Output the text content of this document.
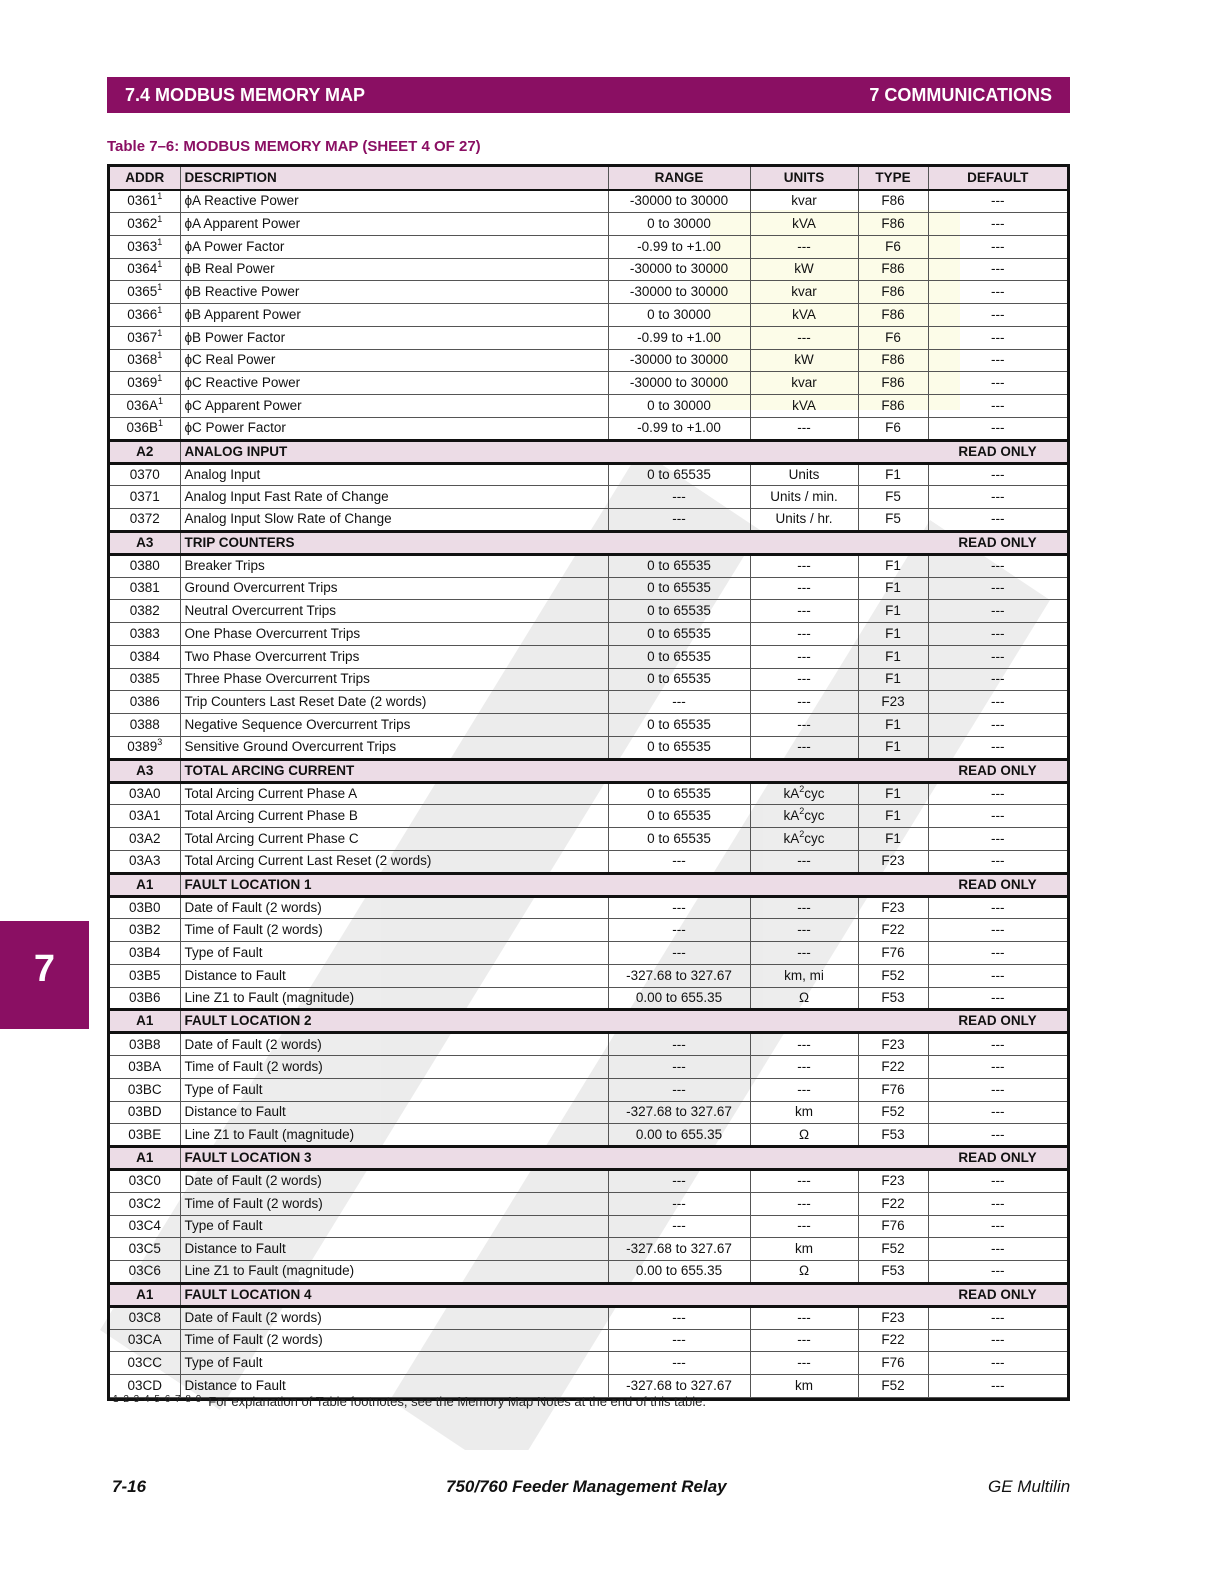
7.4 MODBUS MEMORY MAP	7 COMMUNICATIONS
Table 7–6: MODBUS MEMORY MAP (SHEET 4 OF 27)
ADDR	DESCRIPTION	RANGE	UNITS	TYPE	DEFAULT
0361$^1$	ϕA Reactive Power	-30000 to 30000	kvar	F86	---
0362$^1$	ϕA Apparent Power	0 to 30000	kVA	F86	---
0363$^1$	ϕA Power Factor	-0.99 to +1.00	---	F6	---
0364$^1$	ϕB Real Power	-30000 to 30000	kW	F86	---
0365$^1$	ϕB Reactive Power	-30000 to 30000	kvar	F86	---
0366$^1$	ϕB Apparent Power	0 to 30000	kVA	F86	---
0367$^1$	ϕB Power Factor	-0.99 to +1.00	---	F6	---
0368$^1$	ϕC Real Power	-30000 to 30000	kW	F86	---
0369$^1$	ϕC Reactive Power	-30000 to 30000	kvar	F86	---
$036A^1$	ϕC Apparent Power	0 to 30000	kVA	F86	---
$036B^1$	ϕC Power Factor	-0.99 to +1.00	---	F6	---
A2	ANALOG INPUT				READ ONLY
0370	Analog Input	0 to 65535	Units	F1	---
0371	Analog Input Fast Rate of Change	---	Units / min.	F5	---
0372	Analog Input Slow Rate of Change	---	Units / hr.	F5	---
A3	TRIP COUNTERS				READ ONLY
0380	Breaker Trips	0 to 65535	---	F1	---
0381	Ground Overcurrent Trips	0 to 65535	---	F1	---
0382	Neutral Overcurrent Trips	0 to 65535	---	F1	---
0383	One Phase Overcurrent Trips	0 to 65535	---	F1	---
0384	Two Phase Overcurrent Trips	0 to 65535	---	F1	---
0385	Three Phase Overcurrent Trips	0 to 65535	---	F1	---
0386	Trip Counters Last Reset Date (2 words)	---	---	F23	---
0388	Negative Sequence Overcurrent Trips	0 to 65535	---	F1	---
0389$^3$	Sensitive Ground Overcurrent Trips	0 to 65535	---	F1	---
A3	TOTAL ARCING CURRENT				READ ONLY
03A0	Total Arcing Current Phase A	0 to 65535	$kA^2cyc$	F1	---
03A1	Total Arcing Current Phase B	0 to 65535	$kA^2cyc$	F1	---
03A2	Total Arcing Current Phase C	0 to 65535	$kA^2cyc$	F1	---
03A3	Total Arcing Current Last Reset (2 words)	---	---	F23	---
A1	FAULT LOCATION 1				READ ONLY
03B0	Date of Fault (2 words)	---	---	F23	---
03B2	Time of Fault (2 words)	---	---	F22	---
03B4	Type of Fault	---	---	F76	---
03B5	Distance to Fault	-327.68 to 327.67	km, mi	F52	---
03B6	Line Z1 to Fault (magnitude)	0.00 to 655.35	Ω	F53	---
A1	FAULT LOCATION 2				READ ONLY
03B8	Date of Fault (2 words)	---	---	F23	---
03BA	Time of Fault (2 words)	---	---	F22	---
03BC	Type of Fault	---	---	F76	---
03BD	Distance to Fault	-327.68 to 327.67	km	F52	---
03BE	Line Z1 to Fault (magnitude)	0.00 to 655.35	Ω	F53	---
A1	FAULT LOCATION 3				READ ONLY
03C0	Date of Fault (2 words)	---	---	F23	---
03C2	Time of Fault (2 words)	---	---	F22	---
03C4	Type of Fault	---	---	F76	---
03C5	Distance to Fault	-327.68 to 327.67	km	F52	---
03C6	Line Z1 to Fault (magnitude)	0.00 to 655.35	Ω	F53	---
A1	FAULT LOCATION 4				READ ONLY
03C8	Date of Fault (2 words)	---	---	F23	---
03CA	Time of Fault (2 words)	---	---	F22	---
03CC	Type of Fault	---	---	F76	---
03CD	Distance to Fault	-327.68 to 327.67	km	F52	---
$^{1 2 3 4 5 6 7 8 9}$ For explanation of Table footnotes, see the Memory Map Notes at the end of this table.
7
7-16	750/760 Feeder Management Relay	GE Multilin
